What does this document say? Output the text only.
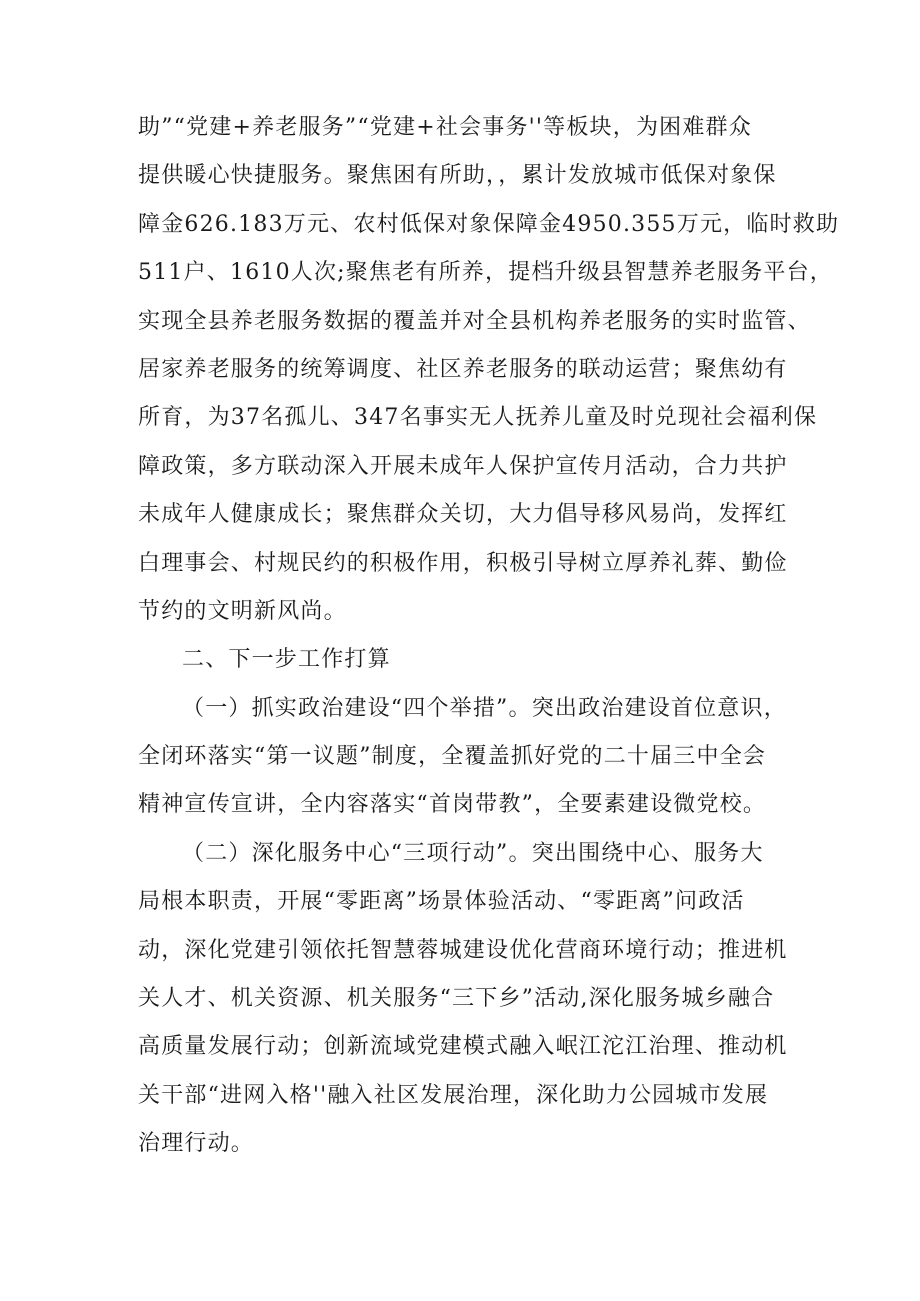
助”“党建+养老服务”“党建+社会事务''等板块，为困难群众
提供暖心快捷服务。聚焦困有所助，，累计发放城市低保对象保
障金626.183万元、农村低保对象保障金4950.355万元，临时救助
511户、1610人次;聚焦老有所养，提档升级县智慧养老服务平台，
实现全县养老服务数据的覆盖并对全县机构养老服务的实时监管、
居家养老服务的统筹调度、社区养老服务的联动运营；聚焦幼有
所育，为37名孤儿、347名事实无人抚养儿童及时兑现社会福利保
障政策，多方联动深入开展未成年人保护宣传月活动，合力共护
未成年人健康成长；聚焦群众关切，大力倡导移风易尚，发挥红
白理事会、村规民约的积极作用，积极引导树立厚养礼葬、勤俭
节约的文明新风尚。
二、下一步工作打算
（一）抓实政治建设“四个举措”。突出政治建设首位意识，
全闭环落实“第一议题”制度，全覆盖抓好党的二十届三中全会
精神宣传宣讲，全内容落实“首岗带教”，全要素建设微党校。
（二）深化服务中心“三项行动”。突出围绕中心、服务大
局根本职责，开展“零距离”场景体验活动、“零距离”问政活
动，深化党建引领依托智慧蓉城建设优化营商环境行动；推进机
关人才、机关资源、机关服务“三下乡”活动,深化服务城乡融合
高质量发展行动；创新流域党建模式融入岷江沱江治理、推动机
关干部“进网入格''融入社区发展治理，深化助力公园城市发展
治理行动。
